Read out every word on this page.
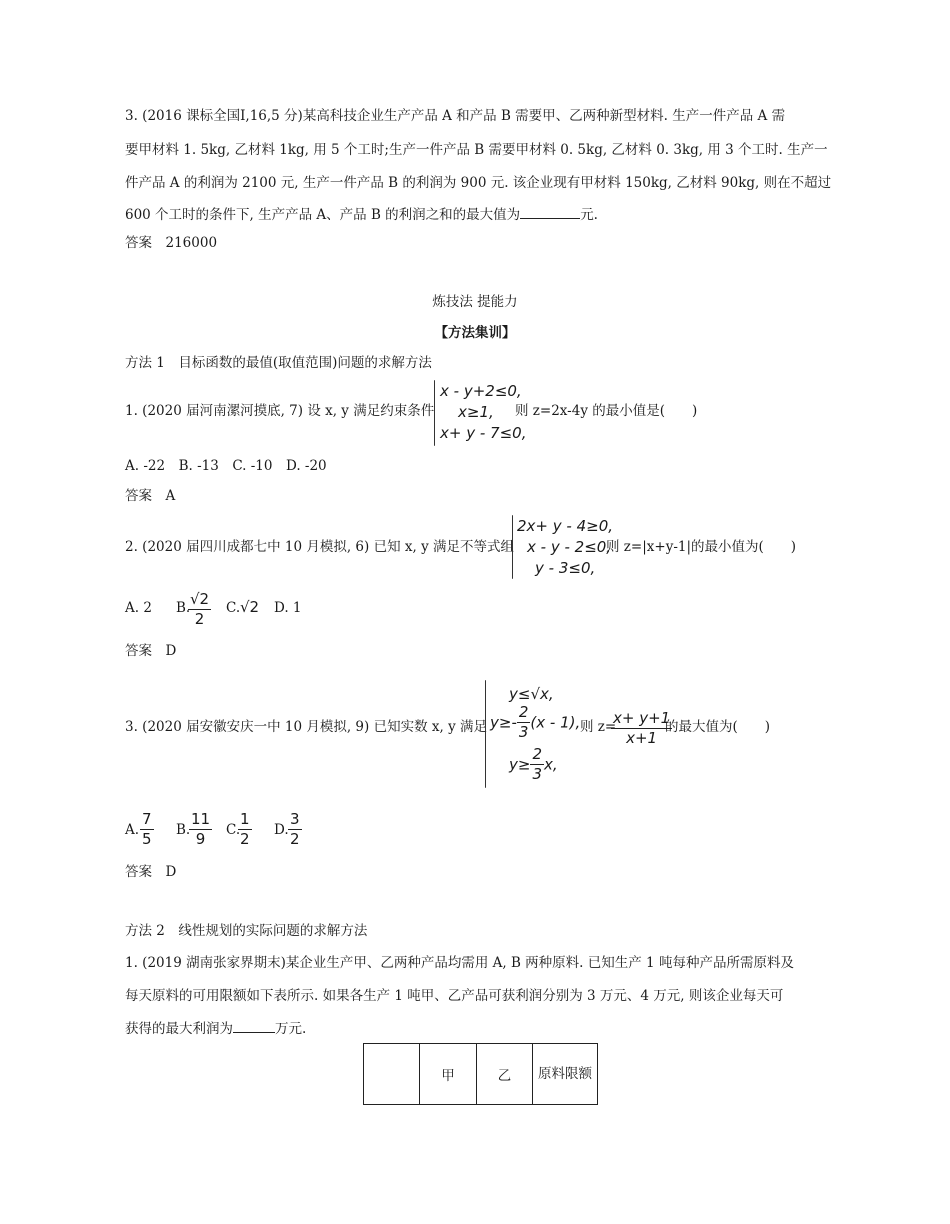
3. (2016 课标全国Ⅰ,16,5 分)某高科技企业生产产品 A 和产品 B 需要甲、乙两种新型材料. 生产一件产品 A 需
要甲材料 1. 5kg, 乙材料 1kg, 用 5 个工时;生产一件产品 B 需要甲材料 0. 5kg, 乙材料 0. 3kg, 用 3 个工时. 生产一
件产品 A 的利润为 2100 元, 生产一件产品 B 的利润为 900 元. 该企业现有甲材料 150kg, 乙材料 90kg, 则在不超过
600 个工时的条件下, 生产产品 A、产品 B 的利润之和的最大值为	元.
答案　216000
炼技法 提能力
【方法集训】
方法 1　目标函数的最值(取值范围)问题的求解方法
1. (2020 届河南漯河摸底, 7) 设 x, y 满足约束条件
x - y+2≤0,
x≥1,
x+ y - 7≤0,
则 z=2x-4y 的最小值是(　　)
A. -22　B. -13　C. -10　D. -20
答案　A
2. (2020 届四川成都七中 10 月模拟, 6) 已知 x, y 满足不等式组
2x+ y - 4≥0,
x - y - 2≤0,
y - 3≤0,
则 z=|x+y-1|的最小值为(　　)
A. 2 B.
$\frac{√2}{2} C$. √2 D. 1
答案　D
3. (2020 届安徽安庆一中 10 月模拟, 9) 已知实数 x, y 满足
y≤√x,
$y\ge- \frac{2}{3} (x - 1)$,
$y\ge \frac{2}{3} x$,
则 z=
$\frac{x+ y+1}{x+1}$
的最大值为(　　)
A. $\frac{7}{5} B$.
$\frac{11}{9} C$.
$\frac{1}{2} D$. $\frac{3}{2}$
答案　D
方法 2　线性规划的实际问题的求解方法
1. (2019 湖南张家界期末)某企业生产甲、乙两种产品均需用 A, B 两种原料. 已知生产 1 吨每种产品所需原料及
每天原料的可用限额如下表所示. 如果各生产 1 吨甲、乙产品可获利润分别为 3 万元、4 万元, 则该企业每天可
获得的最大利润为	万元.
	甲	乙	原料限额
